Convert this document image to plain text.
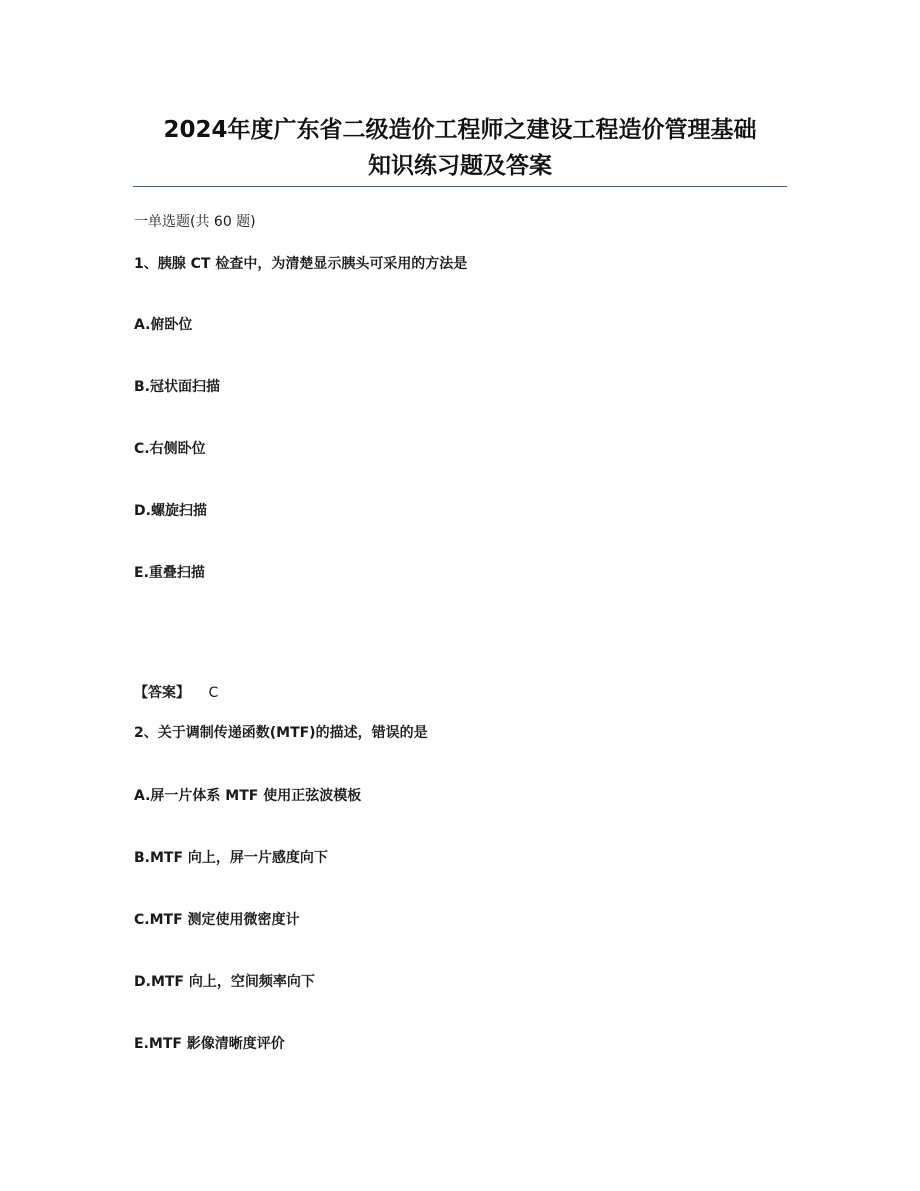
2024年度广东省二级造价工程师之建设工程造价管理基础
知识练习题及答案
一单选题(共 60 题)
1、胰腺 CT 检查中，为清楚显示胰头可采用的方法是
A.俯卧位
B.冠状面扫描
C.右侧卧位
D.螺旋扫描
E.重叠扫描
【答案】 C
2、关于调制传递函数(MTF)的描述，错误的是
A.屏一片体系 MTF 使用正弦波模板
B.MTF 向上，屏一片感度向下
C.MTF 测定使用微密度计
D.MTF 向上，空间频率向下
E.MTF 影像清晰度评价
